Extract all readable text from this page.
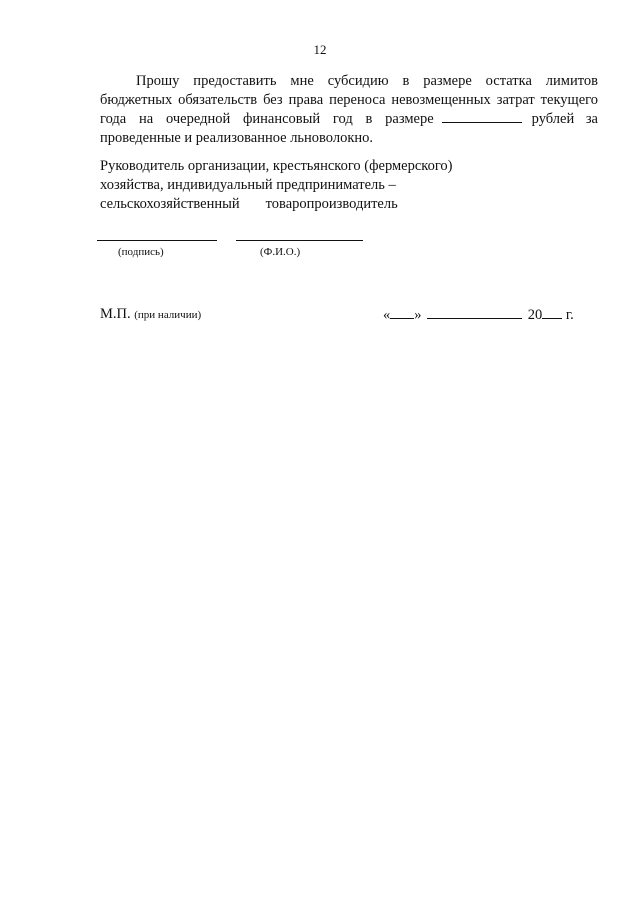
12
Прошу предоставить мне субсидию в размере остатка лимитов
бюджетных обязательств без права переноса невозмещенных затрат текущего
года на очередной финансовый год в размере	рублей за
проведенные и реализованное льноволокно.
Руководитель организации, крестьянского (фермерского)
хозяйства, индивидуальный предприниматель –
сельскохозяйственный товаропроизводитель
(подпись)	(Ф.И.О.)
М.П. (при наличии)	« »	20 г.
